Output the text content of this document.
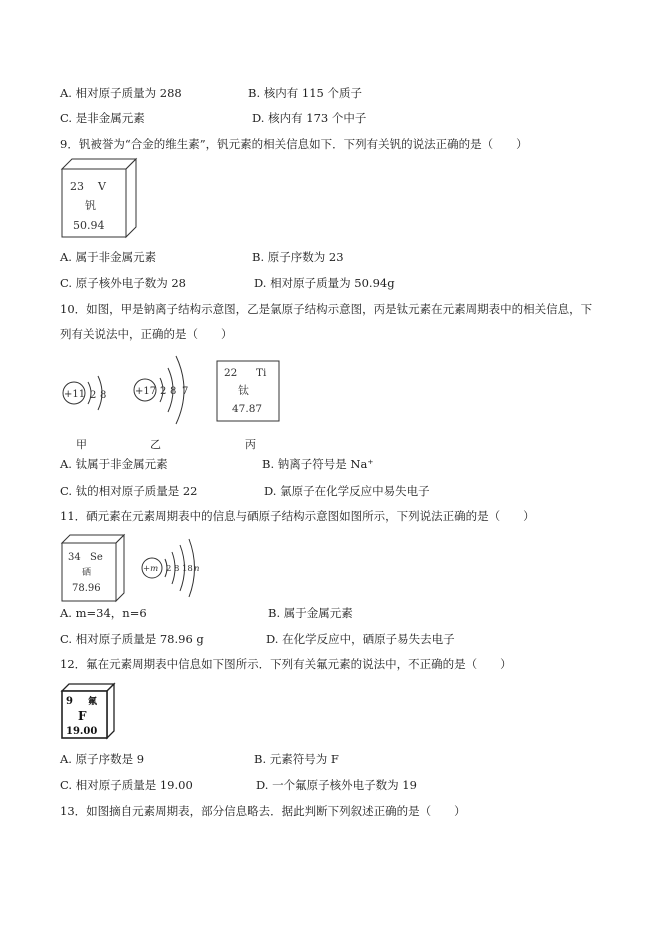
A. 相对原子质量为 288	B. 核内有 115 个质子
C. 是非金属元素	D. 核内有 173 个中子
9．钒被誉为“合金的维生素”，钒元素的相关信息如下．下列有关钒的说法正确的是（　　）
23 V
钒
50.94
A. 属于非金属元素	B. 原子序数为 23
C. 原子核外电子数为 28	D. 相对原子质量为 50.94g
10．如图，甲是钠离子结构示意图，乙是氯原子结构示意图，丙是钛元素在元素周期表中的相关信息，下
列有关说法中，正确的是（　　）
+11 2 8	+17 2 8 7
22 Ti
钛
47.87
甲	乙	丙
A. 钛属于非金属元素	B. 钠离子符号是 Na⁺
C. 钛的相对原子质量是 22	D. 氯原子在化学反应中易失电子
11．硒元素在元素周期表中的信息与硒原子结构示意图如图所示，下列说法正确的是（　　）
34 Se
硒
78.96
+m 2 8 18 n
A. m=34，n=6	B. 属于金属元素
C. 相对原子质量是 78.96 g	D. 在化学反应中，硒原子易失去电子
12．氟在元素周期表中信息如下图所示．下列有关氟元素的说法中，不正确的是（　　）
9 氟
F
19.00
A. 原子序数是 9	B. 元素符号为 F
C. 相对原子质量是 19.00	D. 一个氟原子核外电子数为 19
13．如图摘自元素周期表，部分信息略去．据此判断下列叙述正确的是（　　）
